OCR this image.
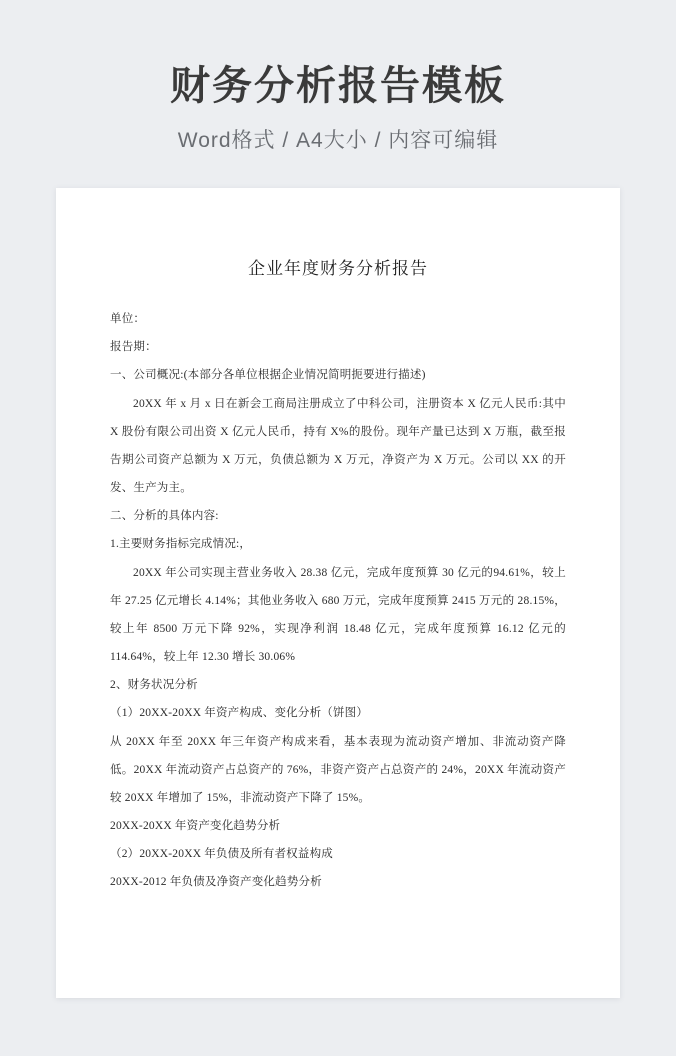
财务分析报告模板
Word格式 / A4大小 / 内容可编辑
企业年度财务分析报告

单位：

报告期：

一、公司概况:(本部分各单位根据企业情况简明扼要进行描述)

20XX 年 x 月 x 日在新会工商局注册成立了中科公司，注册资本 X 亿元人民币:其中 X 股份有限公司出资 X 亿元人民币，持有 X%的股份。现年产量已达到 X 万瓶，截至报告期公司资产总额为 X 万元，负债总额为 X 万元，净资产为 X 万元。公司以 XX 的开发、生产为主。

二、分析的具体内容:

1.主要财务指标完成情况:，

20XX 年公司实现主营业务收入 28.38 亿元，完成年度预算 30 亿元的94.61%，较上年 27.25 亿元增长 4.14%；其他业务收入 680 万元，完成年度预算 2415 万元的 28.15%，较上年 8500 万元下降 92%，实现净利润 18.48 亿元，完成年度预算 16.12 亿元的 114.64%，较上年 12.30 增长 30.06%

2、财务状况分析

（1）20XX-20XX 年资产构成、变化分析（饼图）

从 20XX 年至 20XX 年三年资产构成来看，基本表现为流动资产增加、非流动资产降低。20XX 年流动资产占总资产的 76%，非资产资产占总资产的 24%，20XX 年流动资产较 20XX 年增加了 15%，非流动资产下降了 15%。

20XX-20XX 年资产变化趋势分析

（2）20XX-20XX 年负债及所有者权益构成

20XX-2012 年负债及净资产变化趋势分析
